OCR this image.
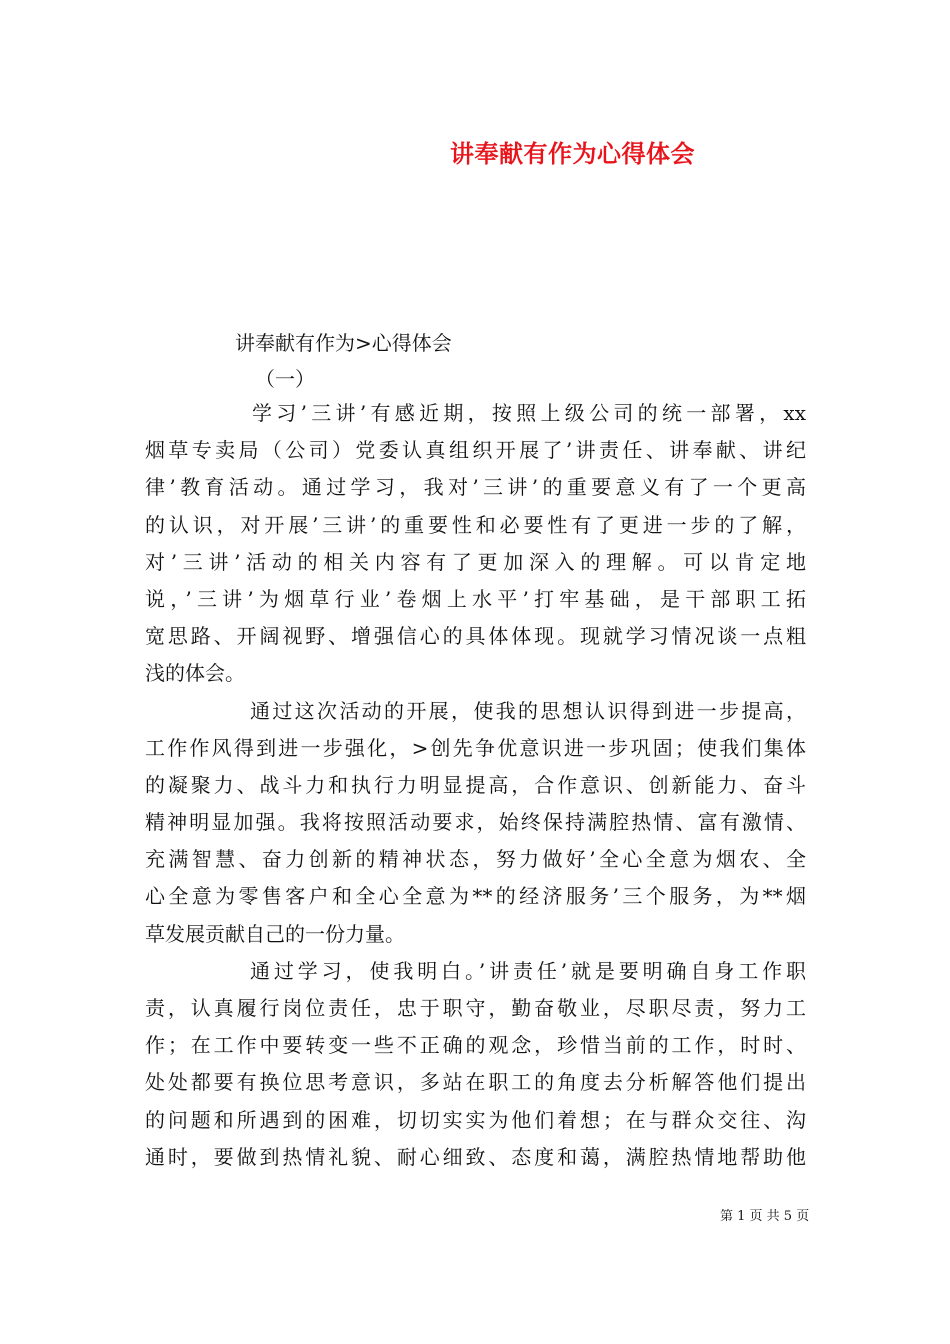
讲奉献有作为心得体会
讲奉献有作为>心得体会
（一）
学习’三讲’有感近期，按照上级公司的统一部署，xx
烟草专卖局（公司）党委认真组织开展了’讲责任、讲奉献、讲纪
律’教育活动。通过学习，我对’三讲’的重要意义有了一个更高
的认识，对开展’三讲’的重要性和必要性有了更进一步的了解，
对’三讲’活动的相关内容有了更加深入的理解。可以肯定地
说，’三讲’为烟草行业’卷烟上水平’打牢基础，是干部职工拓
宽思路、开阔视野、增强信心的具体体现。现就学习情况谈一点粗
浅的体会。
通过这次活动的开展，使我的思想认识得到进一步提高，
工作作风得到进一步强化，>创先争优意识进一步巩固；使我们集体
的凝聚力、战斗力和执行力明显提高，合作意识、创新能力、奋斗
精神明显加强。我将按照活动要求，始终保持满腔热情、富有激情、
充满智慧、奋力创新的精神状态，努力做好’全心全意为烟农、全
心全意为零售客户和全心全意为**的经济服务’三个服务，为**烟
草发展贡献自己的一份力量。
通过学习，使我明白。’讲责任’就是要明确自身工作职
责，认真履行岗位责任，忠于职守，勤奋敬业，尽职尽责，努力工
作；在工作中要转变一些不正确的观念，珍惜当前的工作，时时、
处处都要有换位思考意识，多站在职工的角度去分析解答他们提出
的问题和所遇到的困难，切切实实为他们着想；在与群众交往、沟
通时，要做到热情礼貌、耐心细致、态度和蔼，满腔热情地帮助他
第 1 页 共 5 页
